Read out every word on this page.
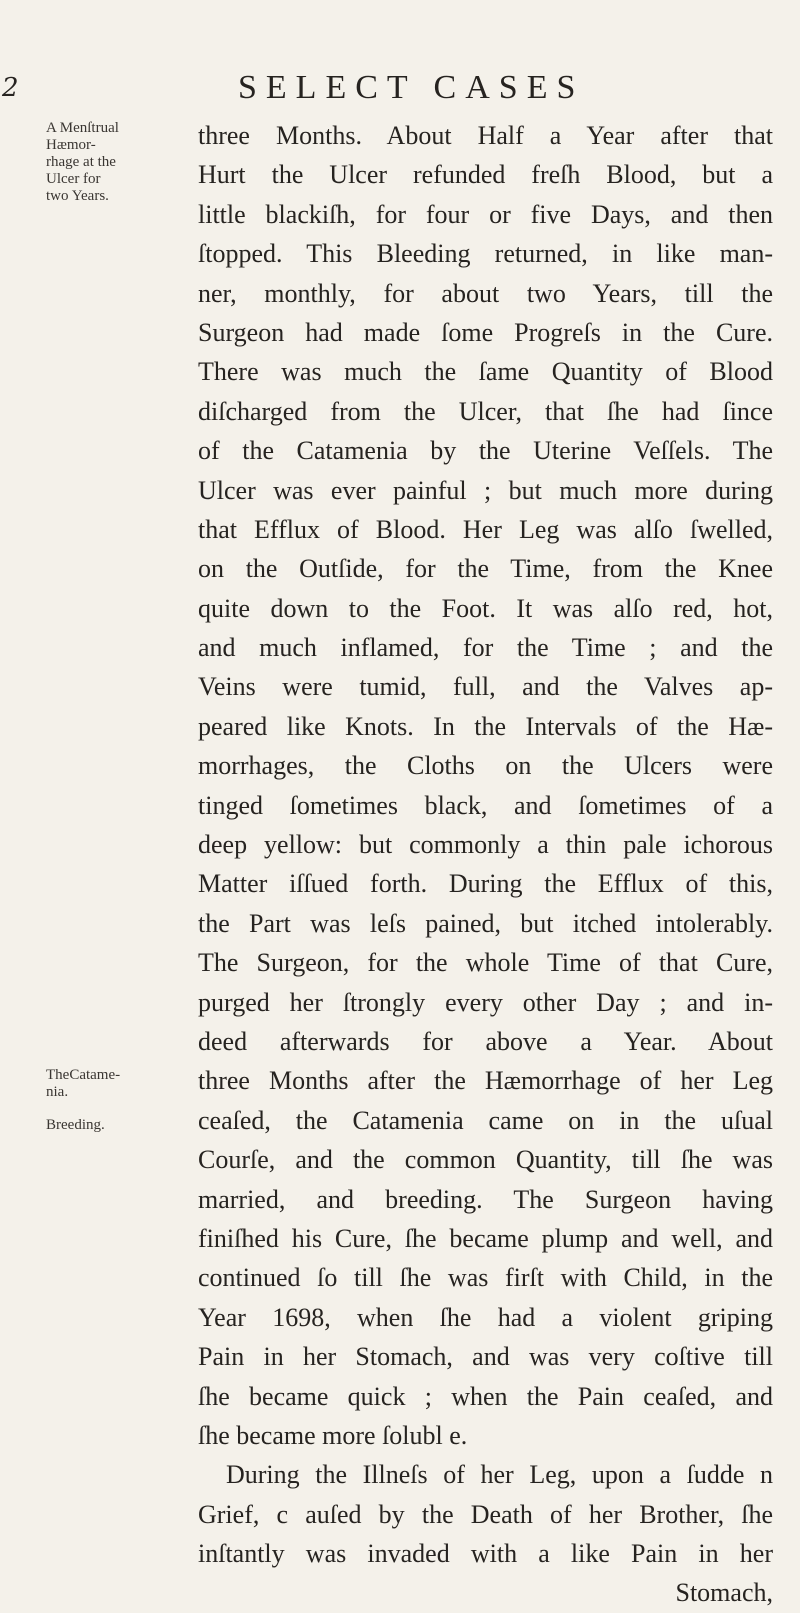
2	SELECT CASES
A Menſtrual
Hæmor-
rhage at the
Ulcer for
two Years.
TheCatame-
nia.
Breeding.
three Months. About Half a Year after that
Hurt the Ulcer refunded freſh Blood, but a
little blackiſh, for four or five Days, and then
ſtopped. This Bleeding returned, in like man-
ner, monthly, for about two Years, till the
Surgeon had made ſome Progreſs in the Cure.
There was much the ſame Quantity of Blood
diſcharged from the Ulcer, that ſhe had ſince
of the Catamenia by the Uterine Veſſels. The
Ulcer was ever painful ; but much more during
that Efflux of Blood. Her Leg was alſo ſwelled,
on the Outſide, for the Time, from the Knee
quite down to the Foot. It was alſo red, hot,
and much inflamed, for the Time ; and the
Veins were tumid, full, and the Valves ap-
peared like Knots. In the Intervals of the Hæ-
morrhages, the Cloths on the Ulcers were
tinged ſometimes black, and ſometimes of a
deep yellow: but commonly a thin pale ichorous
Matter iſſued forth. During the Efflux of this,
the Part was leſs pained, but itched intolerably.
The Surgeon, for the whole Time of that Cure,
purged her ſtrongly every other Day ; and in-
deed afterwards for above a Year. About
three Months after the Hæmorrhage of her Leg
ceaſed, the Catamenia came on in the uſual
Courſe, and the common Quantity, till ſhe was
married, and breeding. The Surgeon having
finiſhed his Cure, ſhe became plump and well, and
continued ſo till ſhe was firſt with Child, in the
Year 1698, when ſhe had a violent griping
Pain in her Stomach, and was very coſtive till
ſhe became quick ; when the Pain ceaſed, and
ſhe became more ſolubl e.
During the Illneſs of her Leg, upon a ſudde n
Grief, c auſed by the Death of her Brother, ſhe
inſtantly was invaded with a like Pain in her
Stomach,
